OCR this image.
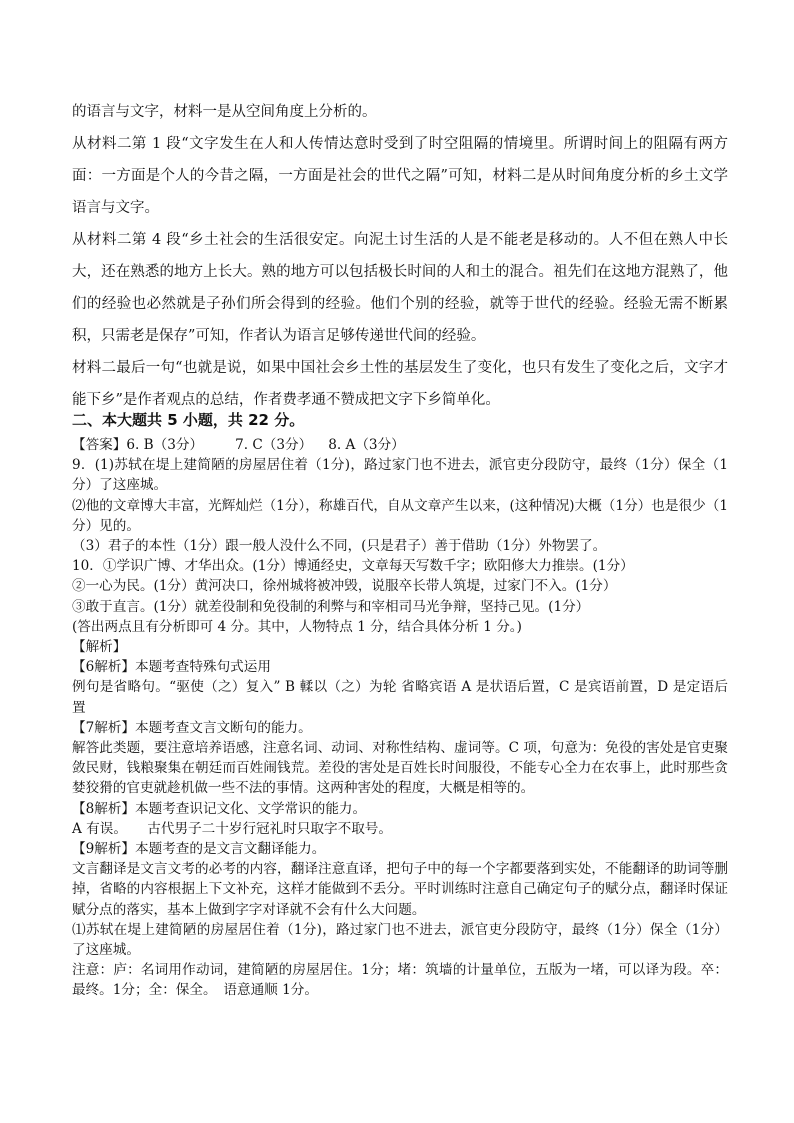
的语言与文字，材料一是从空间角度上分析的。

从材料二第 1 段“文字发生在人和人传情达意时受到了时空阻隔的情境里。所谓时间上的阻隔有两方面：一方面是个人的今昔之隔，一方面是社会的世代之隔”可知，材料二是从时间角度分析的乡土文学语言与文字。

从材料二第 4 段“乡土社会的生活很安定。向泥土讨生活的人是不能老是移动的。人不但在熟人中长大，还在熟悉的地方上长大。熟的地方可以包括极长时间的人和土的混合。祖先们在这地方混熟了，他们的经验也必然就是子孙们所会得到的经验。他们个别的经验，就等于世代的经验。经验无需不断累积，只需老是保存”可知，作者认为语言足够传递世代间的经验。

材料二最后一句“也就是说，如果中国社会乡土性的基层发生了变化，也只有发生了变化之后，文字才能下乡”是作者观点的总结，作者费孝通不赞成把文字下乡简单化。

二、本大题共 5 小题，共 22 分。

【答案】6. B（3分） 7. C（3分） 8. A（3分）

9．(1)苏轼在堤上建简陋的房屋居住着（1分)，路过家门也不进去，派官吏分段防守，最终（1分）保全（1分）了这座城。

⑵他的文章博大丰富，光辉灿烂（1分），称雄百代，自从文章产生以来，(这种情况)大概（1分）也是很少（1分）见的。

（3）君子的本性（1分）跟一般人没什么不同，(只是君子）善于借助（1分）外物罢了。

10．①学识广博、才华出众。(1分）博通经史，文章每天写数千字；欧阳修大力推崇。(1分）

②一心为民。(1分）黄河决口，徐州城将被冲毁，说服卒长带人筑堤，过家门不入。(1分）

③敢于直言。(1分）就差役制和免役制的利弊与和宰相司马光争辩，坚持己见。(1分）

(答出两点且有分析即可 4 分。其中，人物特点 1 分，结合具体分析 1 分。)

【解析】

【6解析】本题考查特殊句式运用

例句是省略句。“驱使（之）复入” B 輮以（之）为轮 省略宾语 A 是状语后置，C 是宾语前置，D 是定语后置

【7解析】本题考查文言文断句的能力。

解答此类题，要注意培养语感，注意名词、动词、对称性结构、虚词等。C 项，句意为：免役的害处是官吏聚敛民财，钱粮聚集在朝廷而百姓闹钱荒。差役的害处是百姓长时间服役，不能专心全力在农事上，此时那些贪婪狡猾的官吏就趁机做一些不法的事情。这两种害处的程度，大概是相等的。

【8解析】本题考查识记文化、文学常识的能力。

A 有误。　　古代男子二十岁行冠礼时只取字不取号。

【9解析】本题考查的是文言文翻译能力。

文言翻译是文言文考的必考的内容，翻译注意直译，把句子中的每一个字都要落到实处，不能翻译的助词等删掉，省略的内容根据上下文补充，这样才能做到不丢分。平时训练时注意自己确定句子的赋分点，翻译时保证赋分点的落实，基本上做到字字对译就不会有什么大问题。

⑴苏轼在堤上建简陋的房屋居住着（1分)，路过家门也不进去，派官吏分段防守，最终（1分）保全（1分）了这座城。

注意：庐：名词用作动词，建简陋的房屋居住。1分；堵：筑墙的计量单位，五版为一堵，可以译为段。卒：最终。1分；全：保全。　语意通顺 1分。
